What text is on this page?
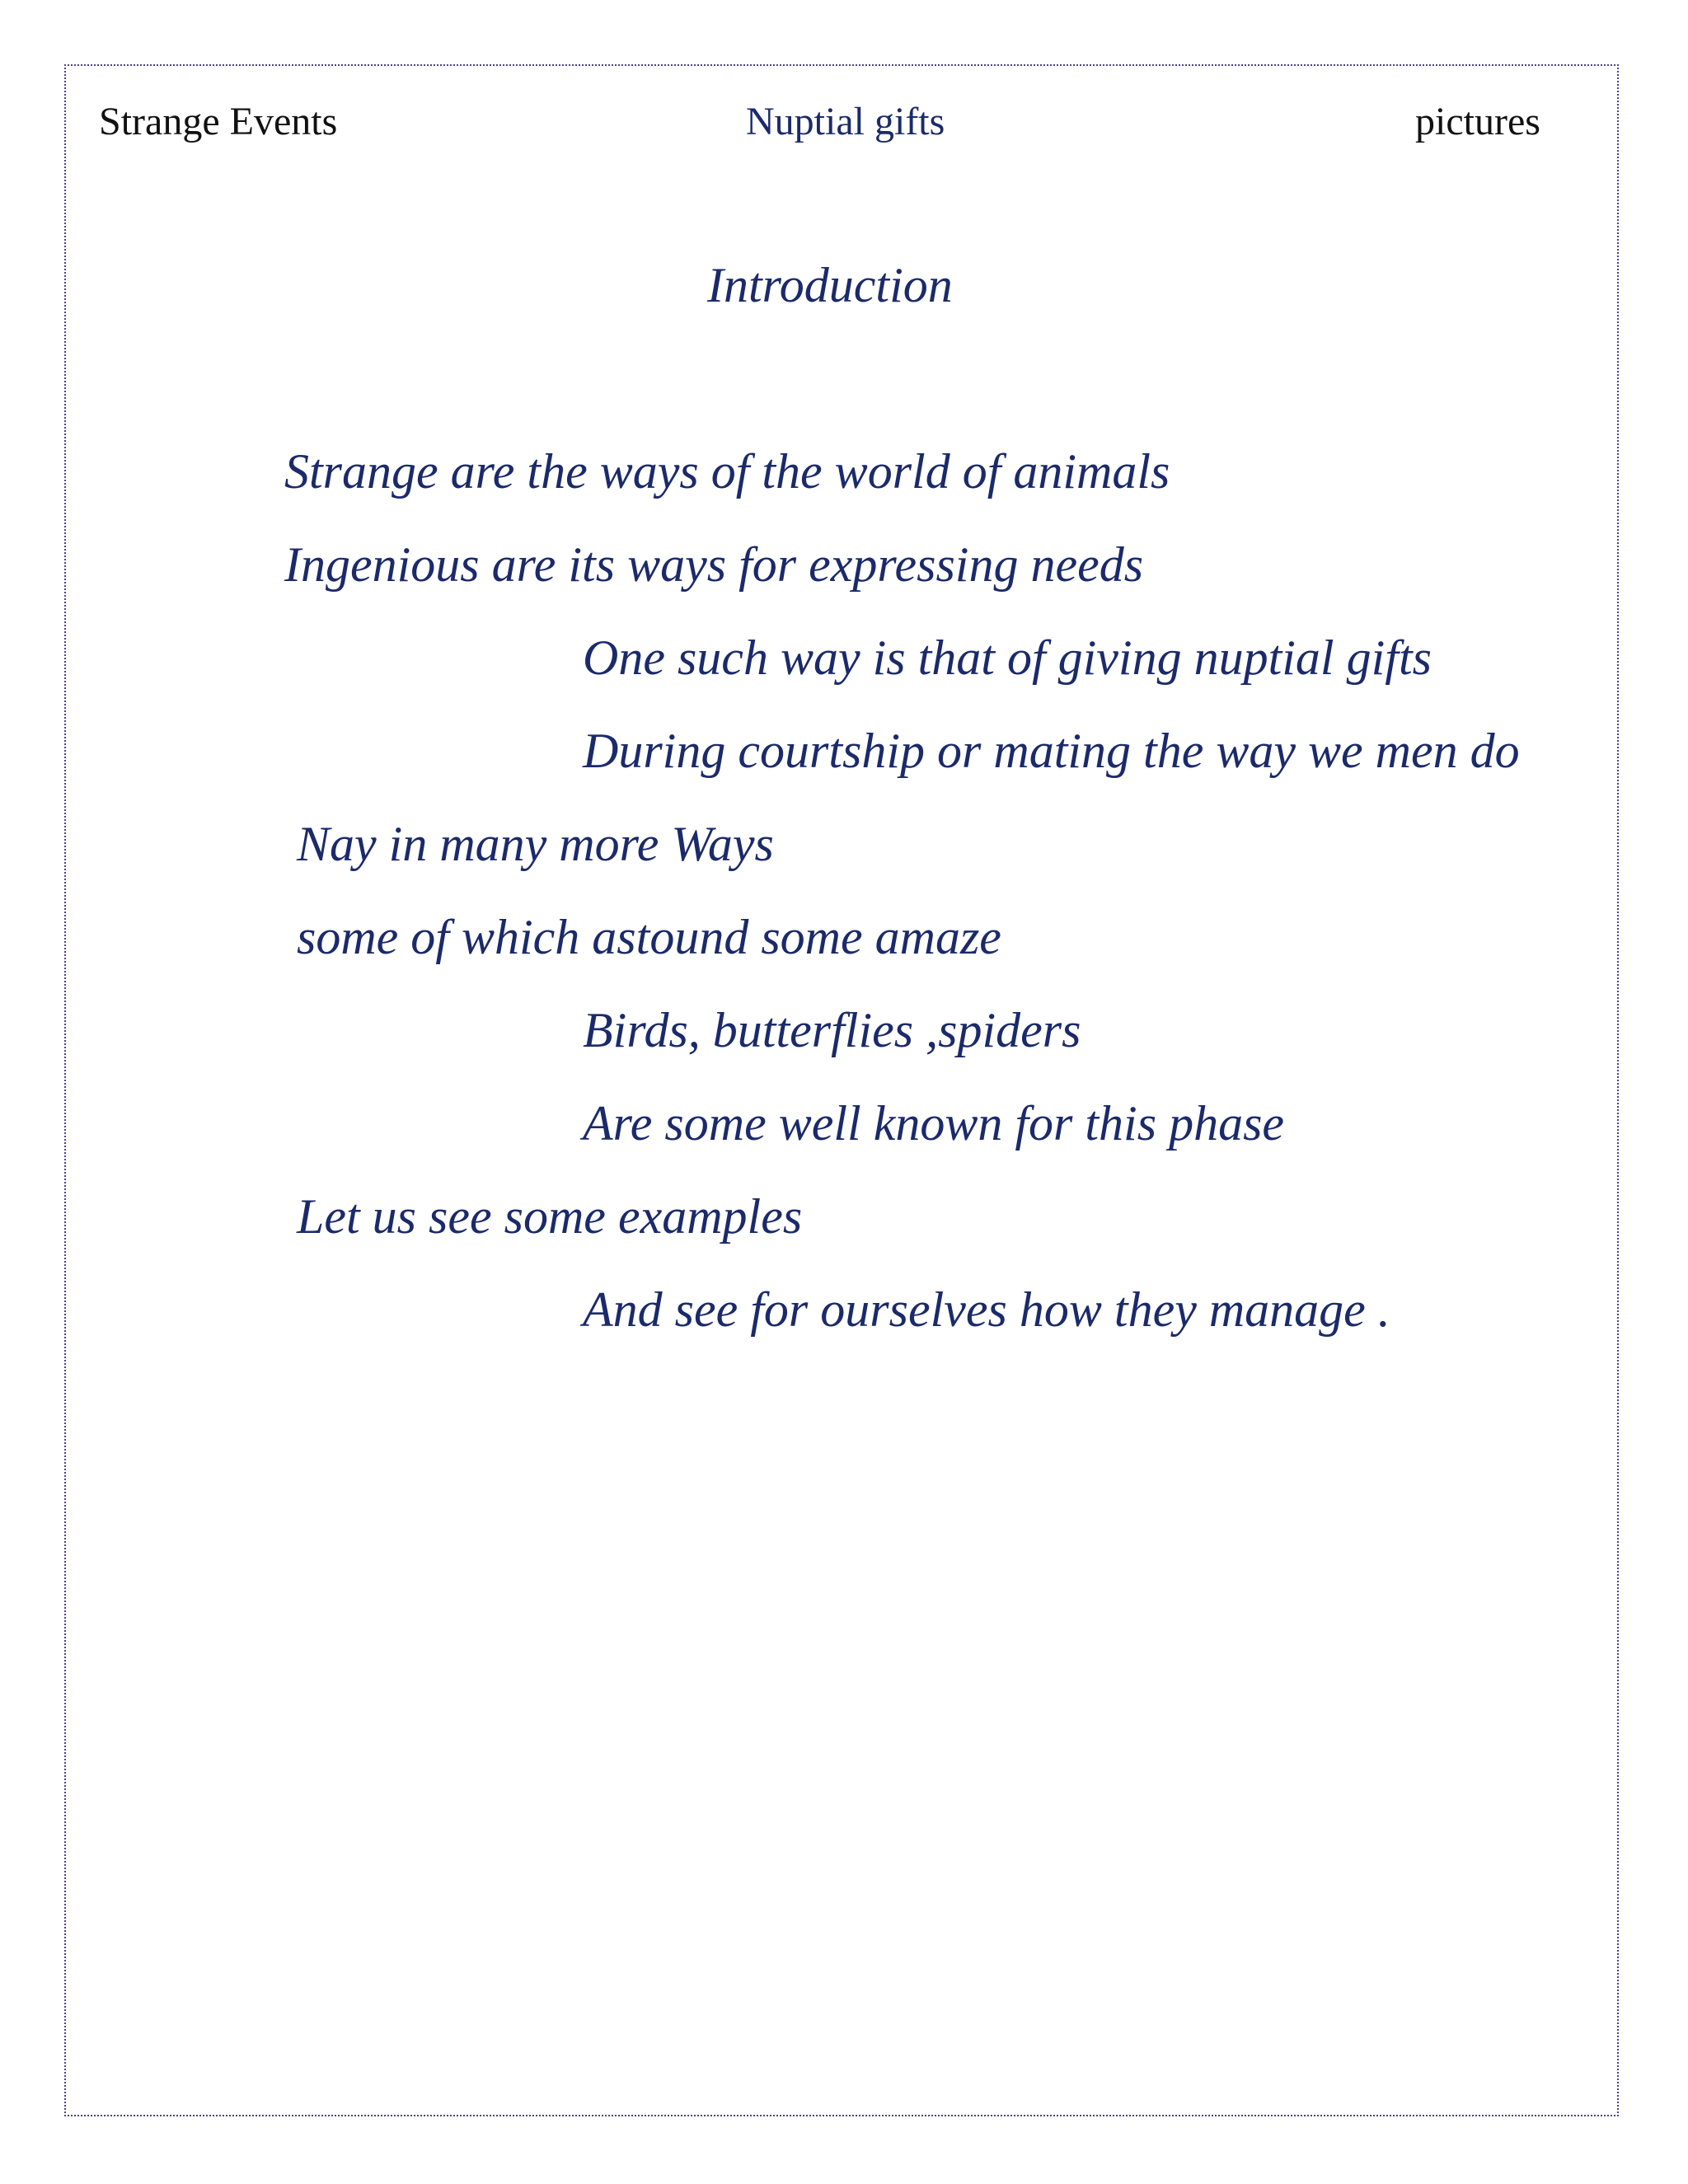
Strange Events	Nuptial gifts	pictures
Introduction
Strange are the ways of the world of animals
Ingenious are its ways for expressing needs
One such way is that of giving nuptial gifts
During courtship or mating the way we men do
Nay in many more Ways
some of which astound some amaze
Birds, butterflies ,spiders
Are some well known for this phase
Let us see some examples
And see for ourselves how they manage .
